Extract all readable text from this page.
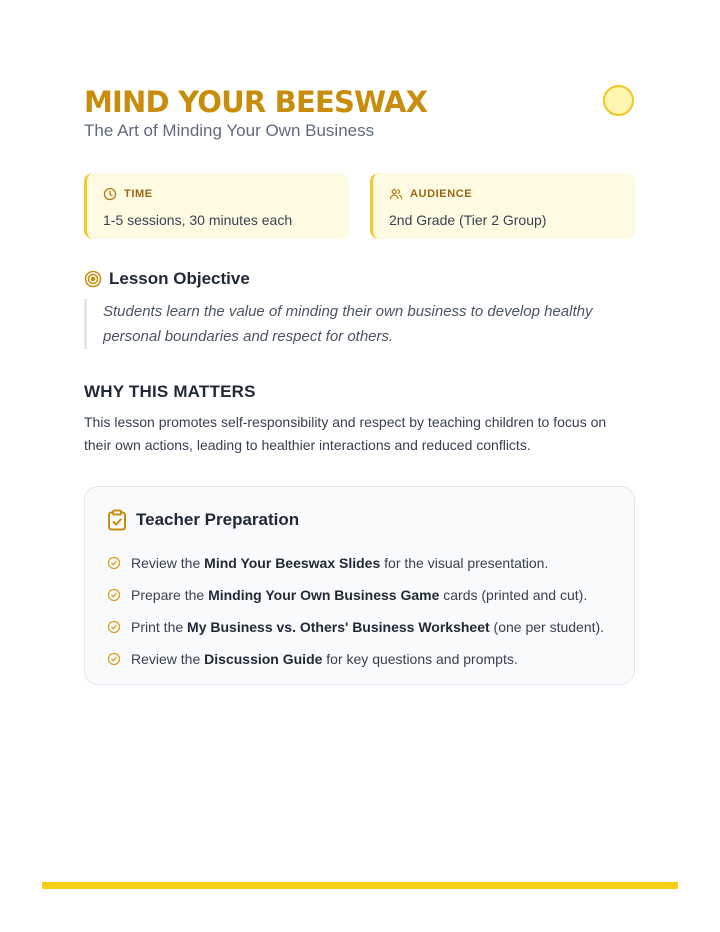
MIND YOUR BEESWAX

The Art of Minding Your Own Business

TIME
1-5 sessions, 30 minutes each
AUDIENCE
2nd Grade (Tier 2 Group)
Lesson Objective
Students learn the value of minding their own business to develop healthy personal boundaries and respect for others.
WHY THIS MATTERS
This lesson promotes self-responsibility and respect by teaching children to focus on their own actions, leading to healthier interactions and reduced conflicts.
Teacher Preparation
Review the Mind Your Beeswax Slides for the visual presentation.
Prepare the Minding Your Own Business Game cards (printed and cut).
Print the My Business vs. Others' Business Worksheet (one per student).
Review the Discussion Guide for key questions and prompts.
